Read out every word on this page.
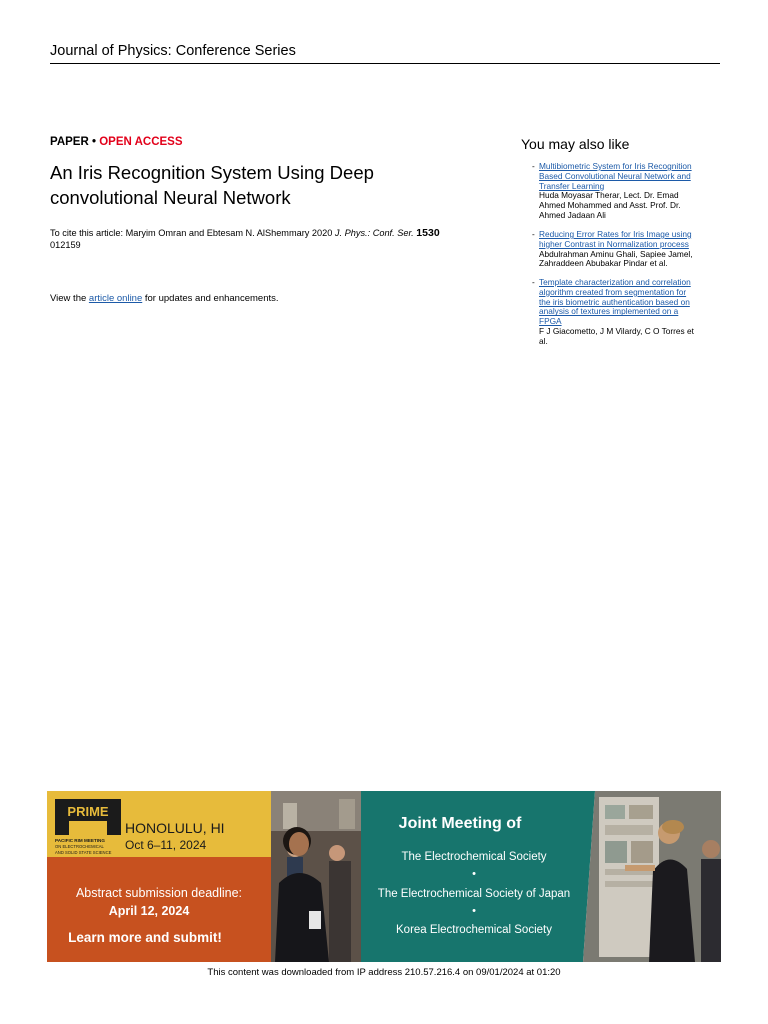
Journal of Physics: Conference Series
PAPER • OPEN ACCESS
An Iris Recognition System Using Deep
convolutional Neural Network
To cite this article: Maryim Omran and Ebtesam N. AlShemmary 2020 J. Phys.: Conf. Ser. 1530
012159
View the article online for updates and enhancements.
You may also like
- Multibiometric System for Iris Recognition
Based Convolutional Neural Network and
Transfer Learning
Huda Moyasar Therar, Lect. Dr. Emad
Ahmed Mohammed and Asst. Prof. Dr.
Ahmed Jadaan Ali
- Reducing Error Rates for Iris Image using
higher Contrast in Normalization process
Abdulrahman Aminu Ghali, Sapiee Jamel,
Zahraddeen Abubakar Pindar et al.
- Template characterization and correlation
algorithm created from segmentation for
the iris biometric authentication based on
analysis of textures implemented on a
FPGA
F J Giacometto, J M Vilardy, C O Torres et
al.
PRIME
PACIFIC RIM MEETING
ON ELECTROCHEMICAL
AND SOLID STATE SCIENCE
HONOLULU, HI
Oct 6–11, 2024
Abstract submission deadline:
April 12, 2024
Learn more and submit!
Joint Meeting of
The Electrochemical Society
•
The Electrochemical Society of Japan
•
Korea Electrochemical Society
This content was downloaded from IP address 210.57.216.4 on 09/01/2024 at 01:20
